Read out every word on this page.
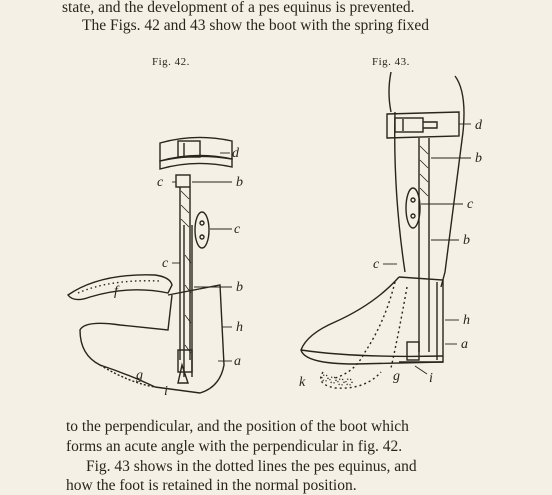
state, and the development of a pes equinus is prevented.
The Figs. 42 and 43 show the boot with the spring fixed
Fig. 42.	Fig. 43.
d
c	b
c
c
b
f
h
a
g
i
d
b
c
b
c
h
a
k	g i
to the perpendicular, and the position of the boot which
forms an acute angle with the perpendicular in fig. 42.
Fig. 43 shows in the dotted lines the pes equinus, and
how the foot is retained in the normal position.
